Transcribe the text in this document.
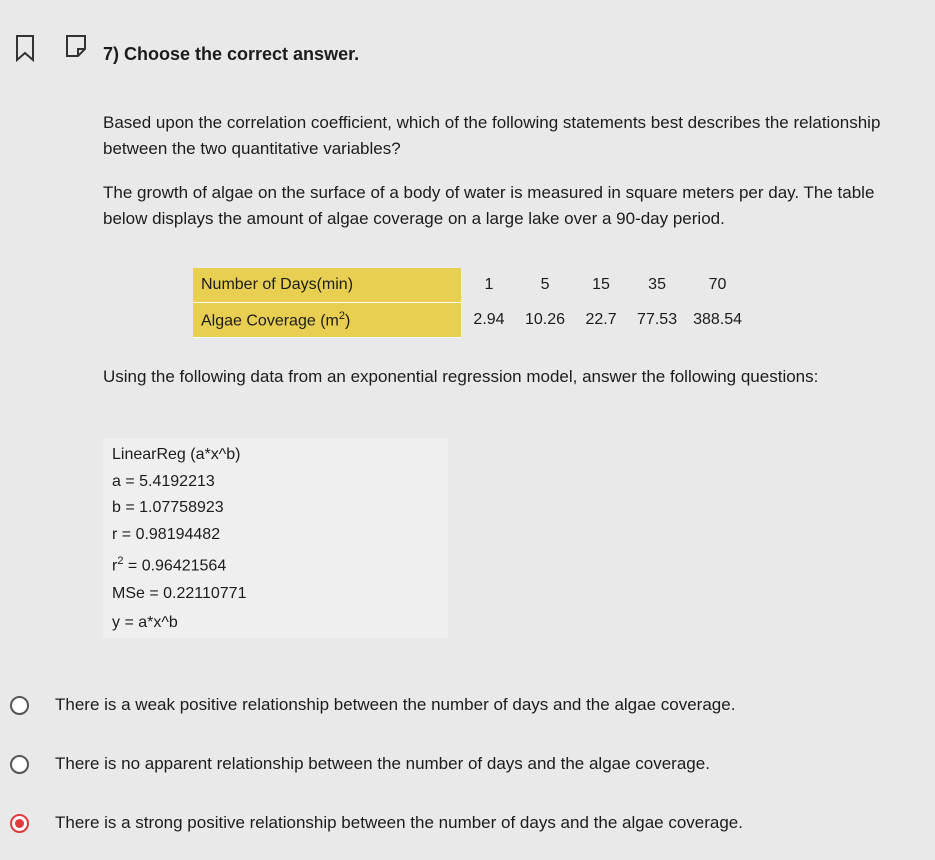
7) Choose the correct answer.
Based upon the correlation coefficient, which of the following statements best describes the relationship between the two quantitative variables?
The growth of algae on the surface of a body of water is measured in square meters per day. The table below displays the amount of algae coverage on a large lake over a 90-day period.
Number of Days(min)	1	5	15	35	70
Algae Coverage $(m^2)$	2.94	10.26	22.7	77.53	388.54
Using the following data from an exponential regression model, answer the following questions:
LinearReg (a*x^b)
a = 5.4192213
b = 1.07758923
r = 0.98194482
$r^2 = 0.96421564$
MSe = 0.22110771
y = a*x^b
There is a weak positive relationship between the number of days and the algae coverage.
There is no apparent relationship between the number of days and the algae coverage.
There is a strong positive relationship between the number of days and the algae coverage.
